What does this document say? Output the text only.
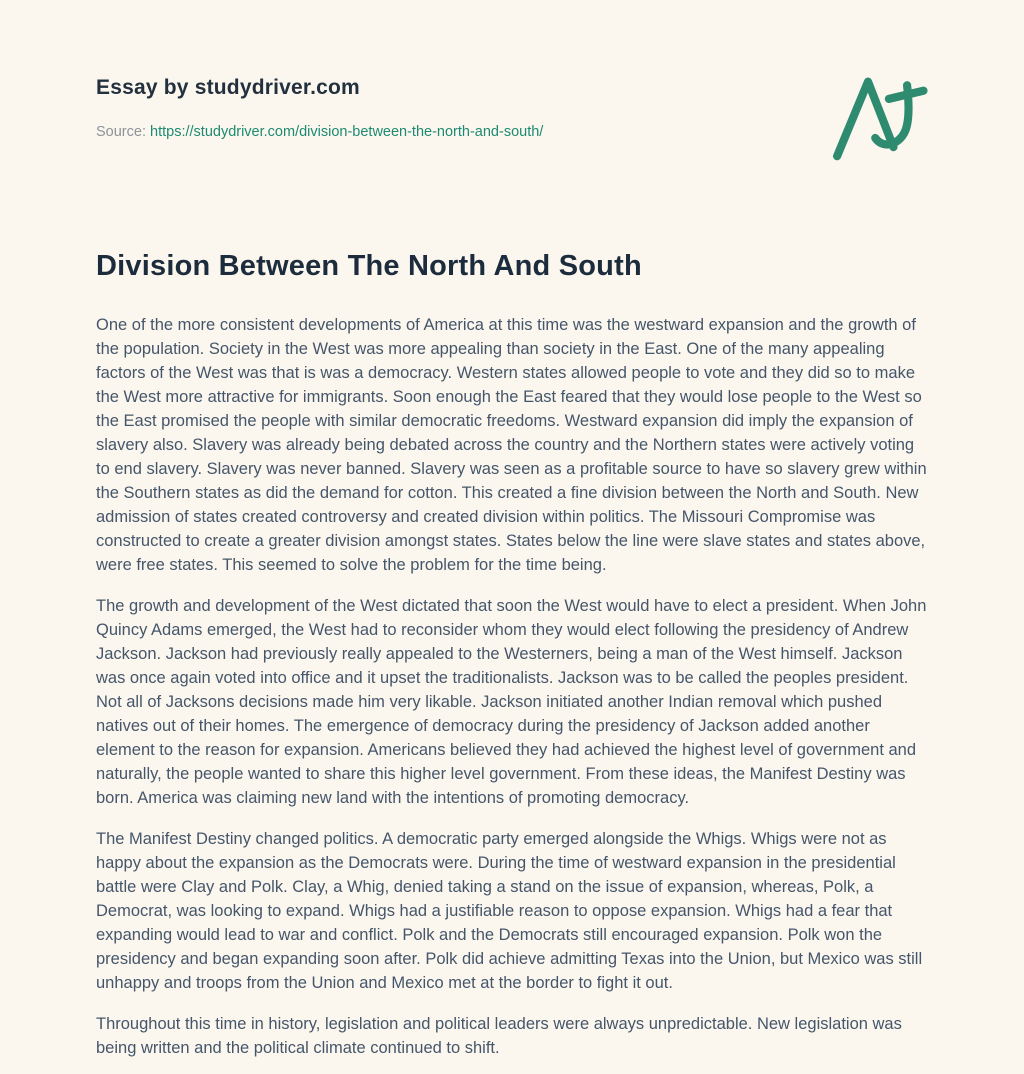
Essay by studydriver.com
Source: https://studydriver.com/division-between-the-north-and-south/
Division Between The North And South

One of the more consistent developments of America at this time was the westward expansion and the growth of the population. Society in the West was more appealing than society in the East. One of the many appealing factors of the West was that is was a democracy. Western states allowed people to vote and they did so to make the West more attractive for immigrants. Soon enough the East feared that they would lose people to the West so the East promised the people with similar democratic freedoms. Westward expansion did imply the expansion of slavery also. Slavery was already being debated across the country and the Northern states were actively voting to end slavery. Slavery was never banned. Slavery was seen as a profitable source to have so slavery grew within the Southern states as did the demand for cotton. This created a fine division between the North and South. New admission of states created controversy and created division within politics. The Missouri Compromise was constructed to create a greater division amongst states. States below the line were slave states and states above, were free states. This seemed to solve the problem for the time being.

The growth and development of the West dictated that soon the West would have to elect a president. When John Quincy Adams emerged, the West had to reconsider whom they would elect following the presidency of Andrew Jackson. Jackson had previously really appealed to the Westerners, being a man of the West himself. Jackson was once again voted into office and it upset the traditionalists. Jackson was to be called the peoples president. Not all of Jacksons decisions made him very likable. Jackson initiated another Indian removal which pushed natives out of their homes. The emergence of democracy during the presidency of Jackson added another element to the reason for expansion. Americans believed they had achieved the highest level of government and naturally, the people wanted to share this higher level government. From these ideas, the Manifest Destiny was born. America was claiming new land with the intentions of promoting democracy.

The Manifest Destiny changed politics. A democratic party emerged alongside the Whigs. Whigs were not as happy about the expansion as the Democrats were. During the time of westward expansion in the presidential battle were Clay and Polk. Clay, a Whig, denied taking a stand on the issue of expansion, whereas, Polk, a Democrat, was looking to expand. Whigs had a justifiable reason to oppose expansion. Whigs had a fear that expanding would lead to war and conflict. Polk and the Democrats still encouraged expansion. Polk won the presidency and began expanding soon after. Polk did achieve admitting Texas into the Union, but Mexico was still unhappy and troops from the Union and Mexico met at the border to fight it out.

Throughout this time in history, legislation and political leaders were always unpredictable. New legislation was being written and the political climate continued to shift.
